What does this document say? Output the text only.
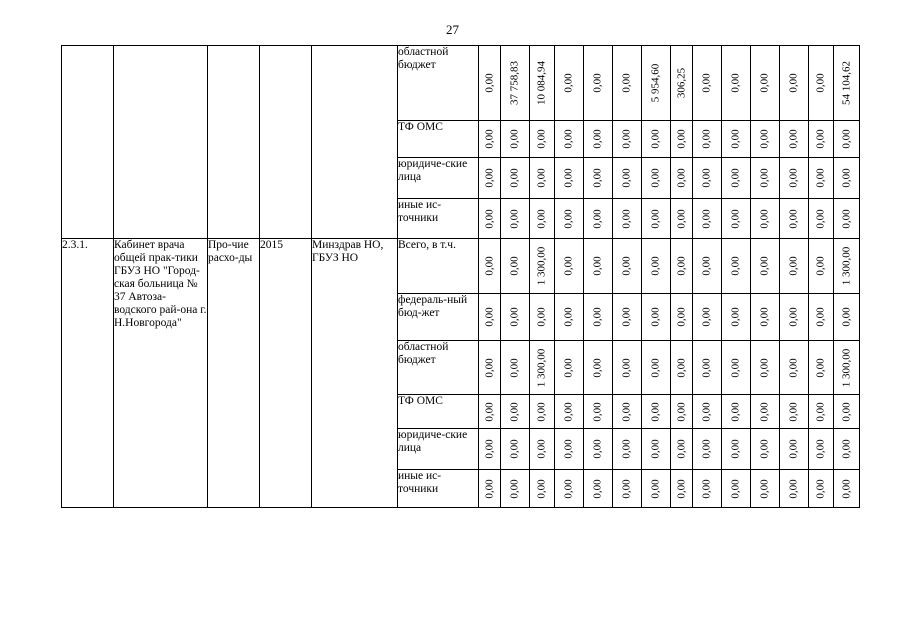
27
					областной бюджет	0,00	37 758,83	10 084,94	0,00	0,00	0,00	5 954,60	306,25	0,00	0,00	0,00	0,00	0,00	54 104,62

					ТФ ОМС	0,00	0,00	0,00	0,00	0,00	0,00	0,00	0,00	0,00	0,00	0,00	0,00	0,00	0,00

					юридиче-ские лица	0,00	0,00	0,00	0,00	0,00	0,00	0,00	0,00	0,00	0,00	0,00	0,00	0,00	0,00

					иные ис-точники	0,00	0,00	0,00	0,00	0,00	0,00	0,00	0,00	0,00	0,00	0,00	0,00	0,00	0,00

2.3.1.	Кабинет врача общей прак-тики ГБУЗ НО "Город-ская больница № 37 Автоза-водского рай-она г. Н.Новгорода"	Про-чие расхо-ды	2015	Минздрав НО, ГБУЗ НО	Всего, в т.ч.	0,00	0,00	1 300,00	0,00	0,00	0,00	0,00	0,00	0,00	0,00	0,00	0,00	0,00	1 300,00

					федераль-ный бюд-жет	0,00	0,00	0,00	0,00	0,00	0,00	0,00	0,00	0,00	0,00	0,00	0,00	0,00	0,00

					областной бюджет	0,00	0,00	1 300,00	0,00	0,00	0,00	0,00	0,00	0,00	0,00	0,00	0,00	0,00	1 300,00

					ТФ ОМС	0,00	0,00	0,00	0,00	0,00	0,00	0,00	0,00	0,00	0,00	0,00	0,00	0,00	0,00

					юридиче-ские лица	0,00	0,00	0,00	0,00	0,00	0,00	0,00	0,00	0,00	0,00	0,00	0,00	0,00	0,00

					иные ис-точники	0,00	0,00	0,00	0,00	0,00	0,00	0,00	0,00	0,00	0,00	0,00	0,00	0,00	0,00
